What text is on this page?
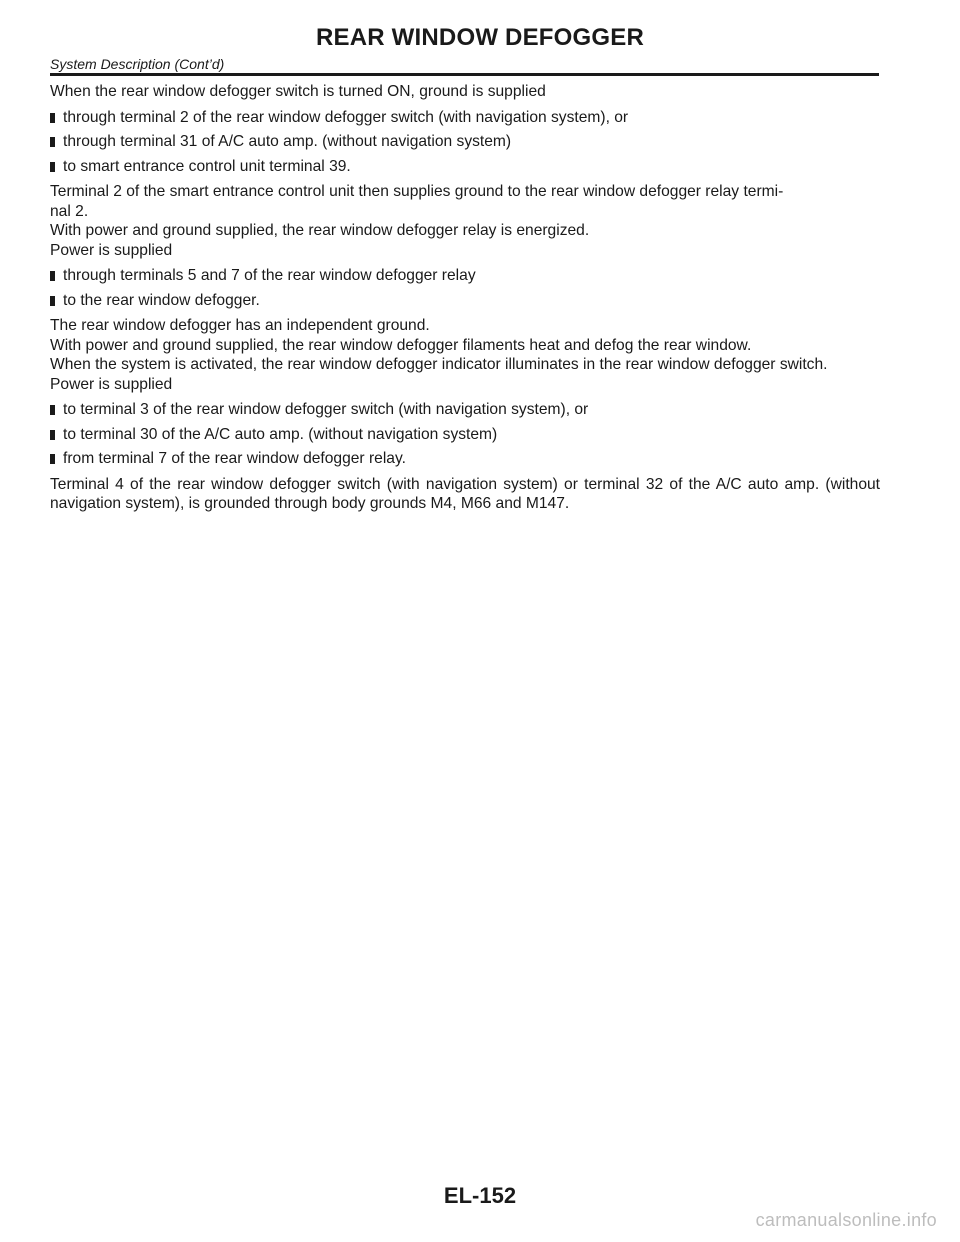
REAR WINDOW DEFOGGER
System Description (Cont’d)

When the rear window defogger switch is turned ON, ground is supplied

through terminal 2 of the rear window defogger switch (with navigation system), or
through terminal 31 of A/C auto amp. (without navigation system)
to smart entrance control unit terminal 39.

Terminal 2 of the smart entrance control unit then supplies ground to the rear window defogger relay termi-
nal 2.
With power and ground supplied, the rear window defogger relay is energized.
Power is supplied

through terminals 5 and 7 of the rear window defogger relay
to the rear window defogger.

The rear window defogger has an independent ground.
With power and ground supplied, the rear window defogger filaments heat and defog the rear window.
When the system is activated, the rear window defogger indicator illuminates in the rear window defogger switch.
Power is supplied

to terminal 3 of the rear window defogger switch (with navigation system), or
to terminal 30 of the A/C auto amp. (without navigation system)
from terminal 7 of the rear window defogger relay.

Terminal 4 of the rear window defogger switch (with navigation system) or terminal 32 of the A/C auto amp. (without navigation system), is grounded through body grounds M4, M66 and M147.

EL-152
carmanualsonline.info
